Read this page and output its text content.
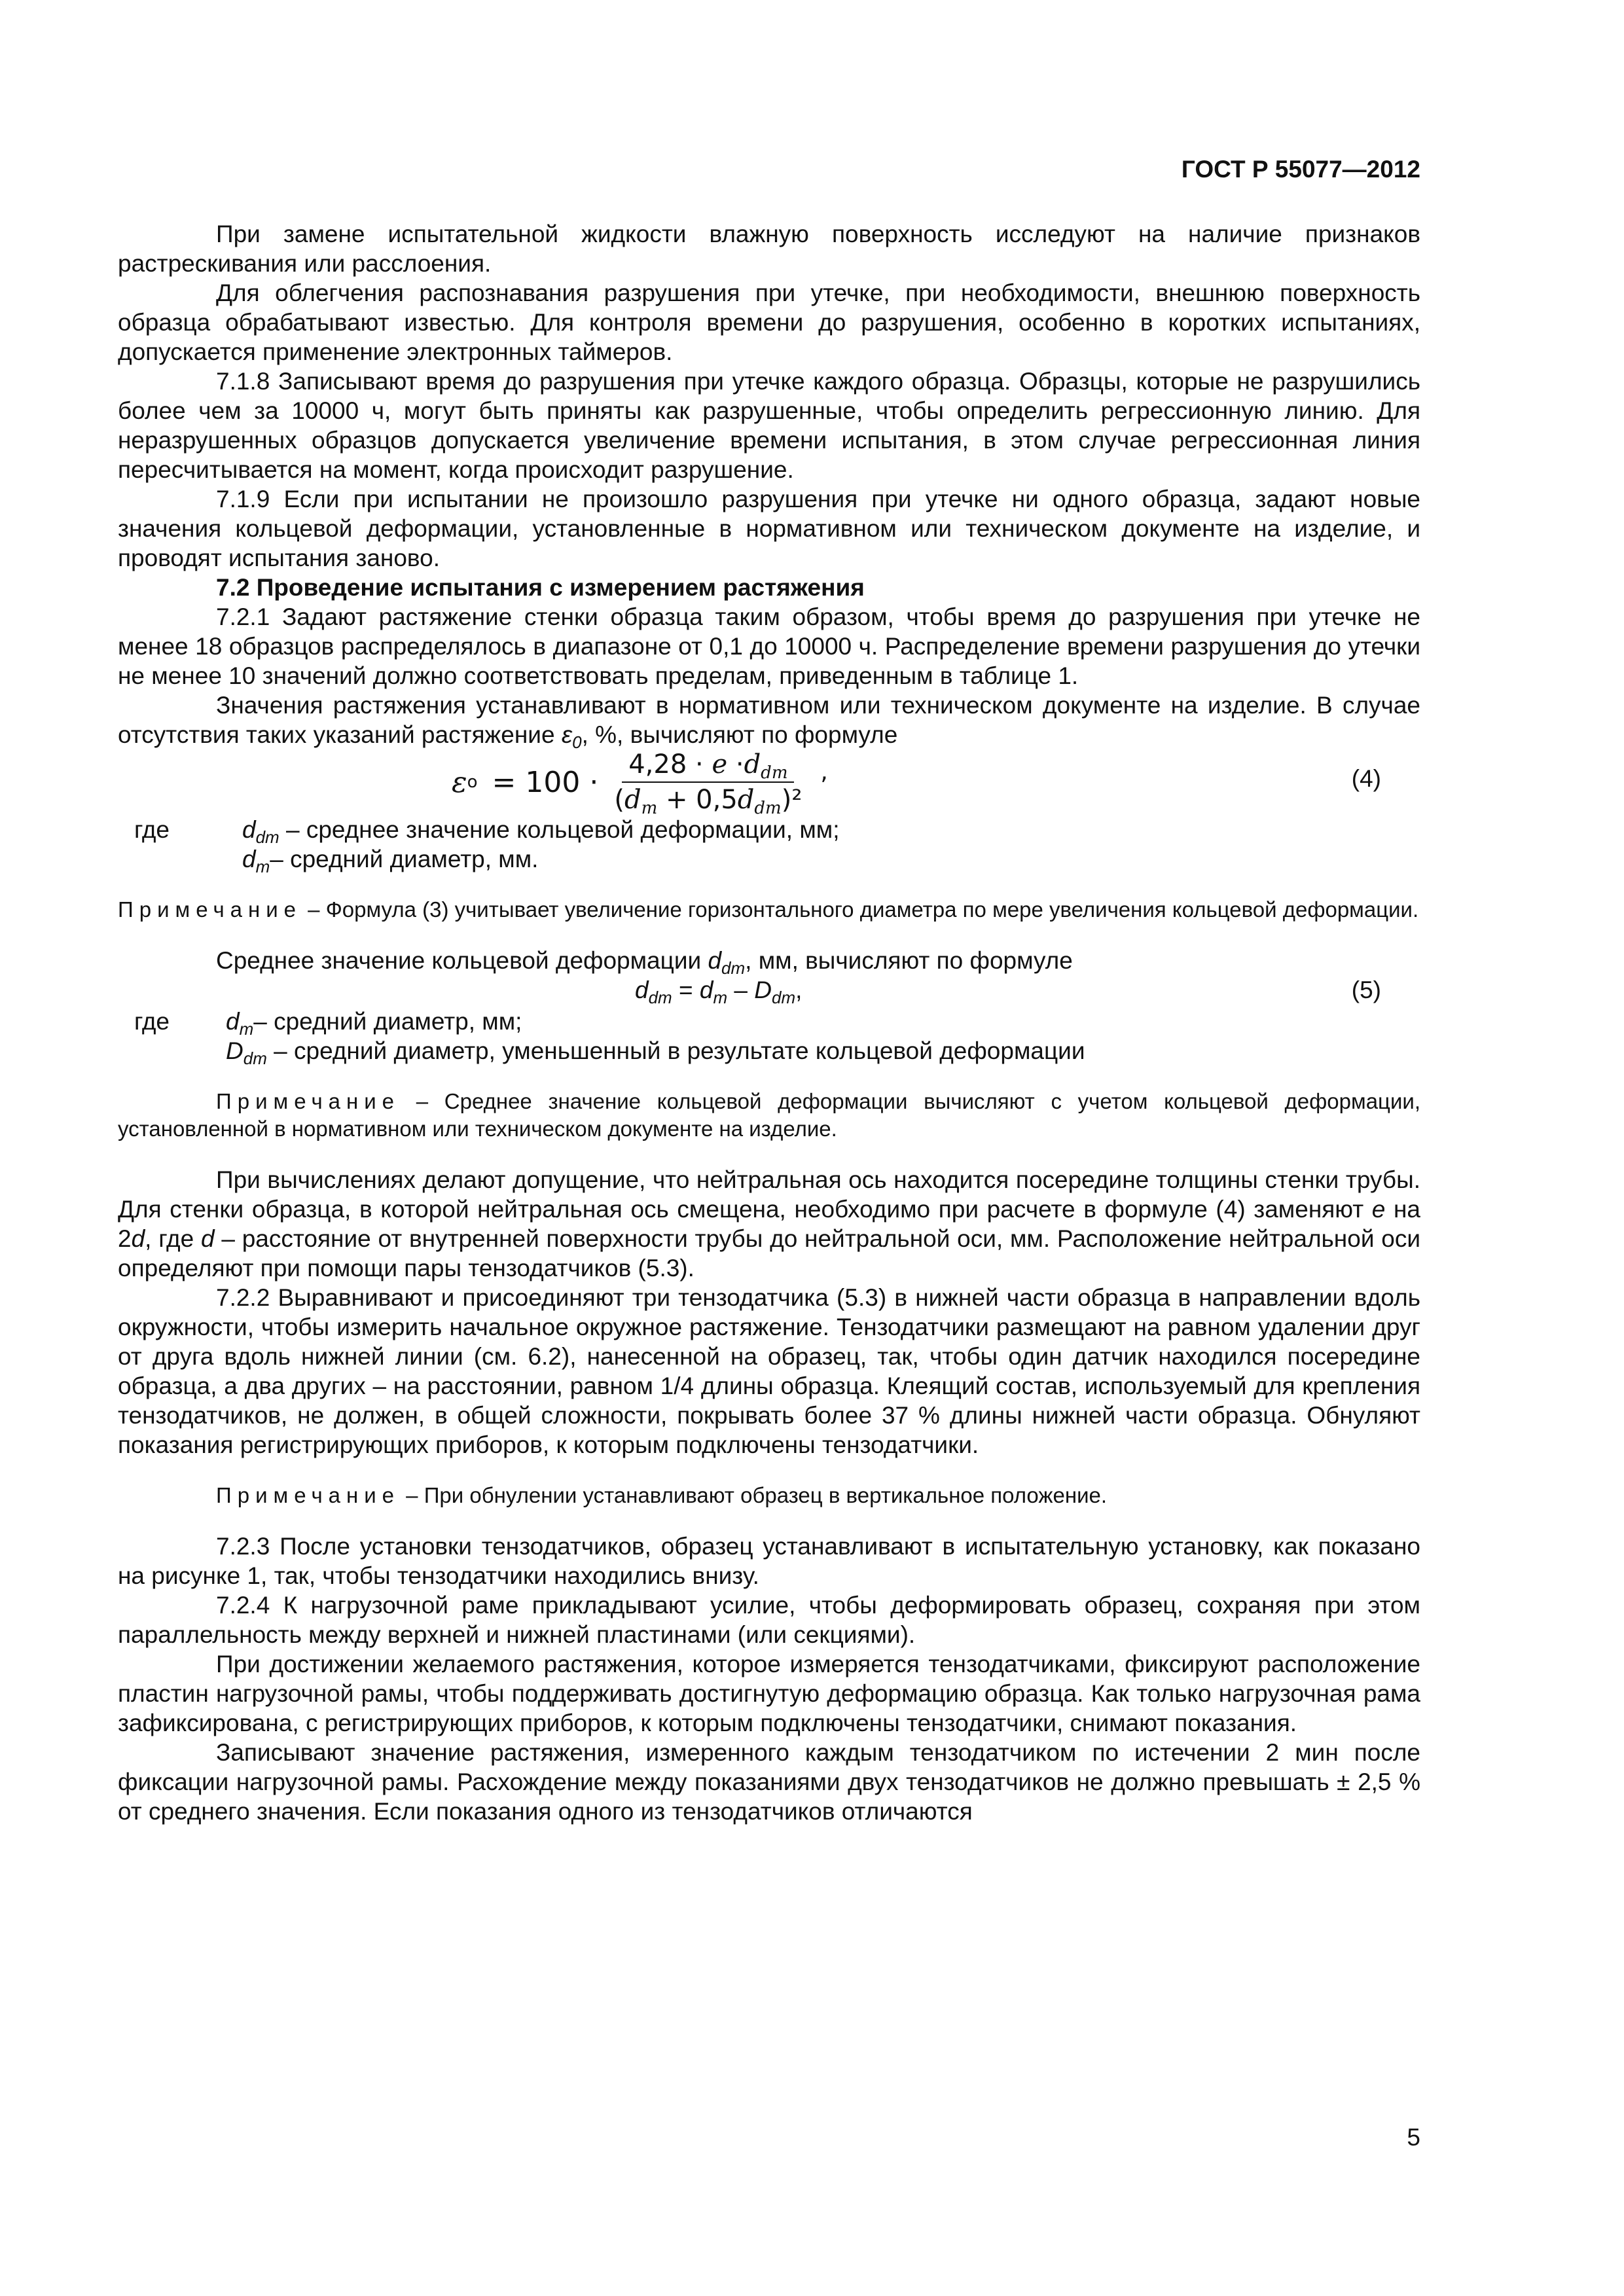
ГОСТ Р 55077—2012

При замене испытательной жидкости влажную поверхность исследуют на наличие признаков растрескивания или расслоения.

Для облегчения распознавания разрушения при утечке, при необходимости, внешнюю поверхность образца обрабатывают известью. Для контроля времени до разрушения, особенно в коротких испытаниях, допускается применение электронных таймеров.

7.1.8 Записывают время до разрушения при утечке каждого образца. Образцы, которые не разрушились более чем за 10000 ч, могут быть приняты как разрушенные, чтобы определить регрессионную линию. Для неразрушенных образцов допускается увеличение времени испытания, в этом случае регрессионная линия пересчитывается на момент, когда происходит разрушение.

7.1.9 Если при испытании не произошло разрушения при утечке ни одного образца, задают новые значения кольцевой деформации, установленные в нормативном или техническом документе на изделие, и проводят испытания заново.

7.2 Проведение испытания с измерением растяжения

7.2.1 Задают растяжение стенки образца таким образом, чтобы время до разрушения при утечке не менее 18 образцов распределялось в диапазоне от 0,1 до 10000 ч. Распределение времени разрушения до утечки не менее 10 значений должно соответствовать пределам, приведенным в таблице 1.

Значения растяжения устанавливают в нормативном или техническом документе на изделие. В случае отсутствия таких указаний растяжение $\varepsilon_0$, %, вычисляют по формуле

ε $o = 100 \cdot \frac{4,28 \cdot e \cdot d_{dm}}{(d_m + 0,5d_{dm})^2}$ ,	(4)
где	$d_{dm}$ – среднее значение кольцевой деформации, мм;
$d_m-$ средний диаметр, мм.

Примечание – Формула (3) учитывает увеличение горизонтального диаметра по мере увеличения кольцевой деформации.

Среднее значение кольцевой деформации $d_{dm}$, мм, вычисляют по формуле

$d_{dm} = d_m - D_{dm}$,	(5)
где	$d_m-$ средний диаметр, мм;
$D_{dm}$ – средний диаметр, уменьшенный в результате кольцевой деформации

Примечание – Среднее значение кольцевой деформации вычисляют с учетом кольцевой деформации, установленной в нормативном или техническом документе на изделие.

При вычислениях делают допущение, что нейтральная ось находится посередине толщины стенки трубы. Для стенки образца, в которой нейтральная ось смещена, необходимо при расчете в формуле (4) заменяют e на 2d, где d – расстояние от внутренней поверхности трубы до нейтральной оси, мм. Расположение нейтральной оси определяют при помощи пары тензодатчиков (5.3).

7.2.2 Выравнивают и присоединяют три тензодатчика (5.3) в нижней части образца в направлении вдоль окружности, чтобы измерить начальное окружное растяжение. Тензодатчики размещают на равном удалении друг от друга вдоль нижней линии (см. 6.2), нанесенной на образец, так, чтобы один датчик находился посередине образца, а два других – на расстоянии, равном 1/4 длины образца. Клеящий состав, используемый для крепления тензодатчиков, не должен, в общей сложности, покрывать более 37 % длины нижней части образца. Обнуляют показания регистрирующих приборов, к которым подключены тензодатчики.

Примечание – При обнулении устанавливают образец в вертикальное положение.

7.2.3 После установки тензодатчиков, образец устанавливают в испытательную установку, как показано на рисунке 1, так, чтобы тензодатчики находились внизу.

7.2.4 К нагрузочной раме прикладывают усилие, чтобы деформировать образец, сохраняя при этом параллельность между верхней и нижней пластинами (или секциями).

При достижении желаемого растяжения, которое измеряется тензодатчиками, фиксируют расположение пластин нагрузочной рамы, чтобы поддерживать достигнутую деформацию образца. Как только нагрузочная рама зафиксирована, с регистрирующих приборов, к которым подключены тензодатчики, снимают показания.

Записывают значение растяжения, измеренного каждым тензодатчиком по истечении 2 мин после фиксации нагрузочной рамы. Расхождение между показаниями двух тензодатчиков не должно превышать ± 2,5 % от среднего значения. Если показания одного из тензодатчиков отличаются

5
